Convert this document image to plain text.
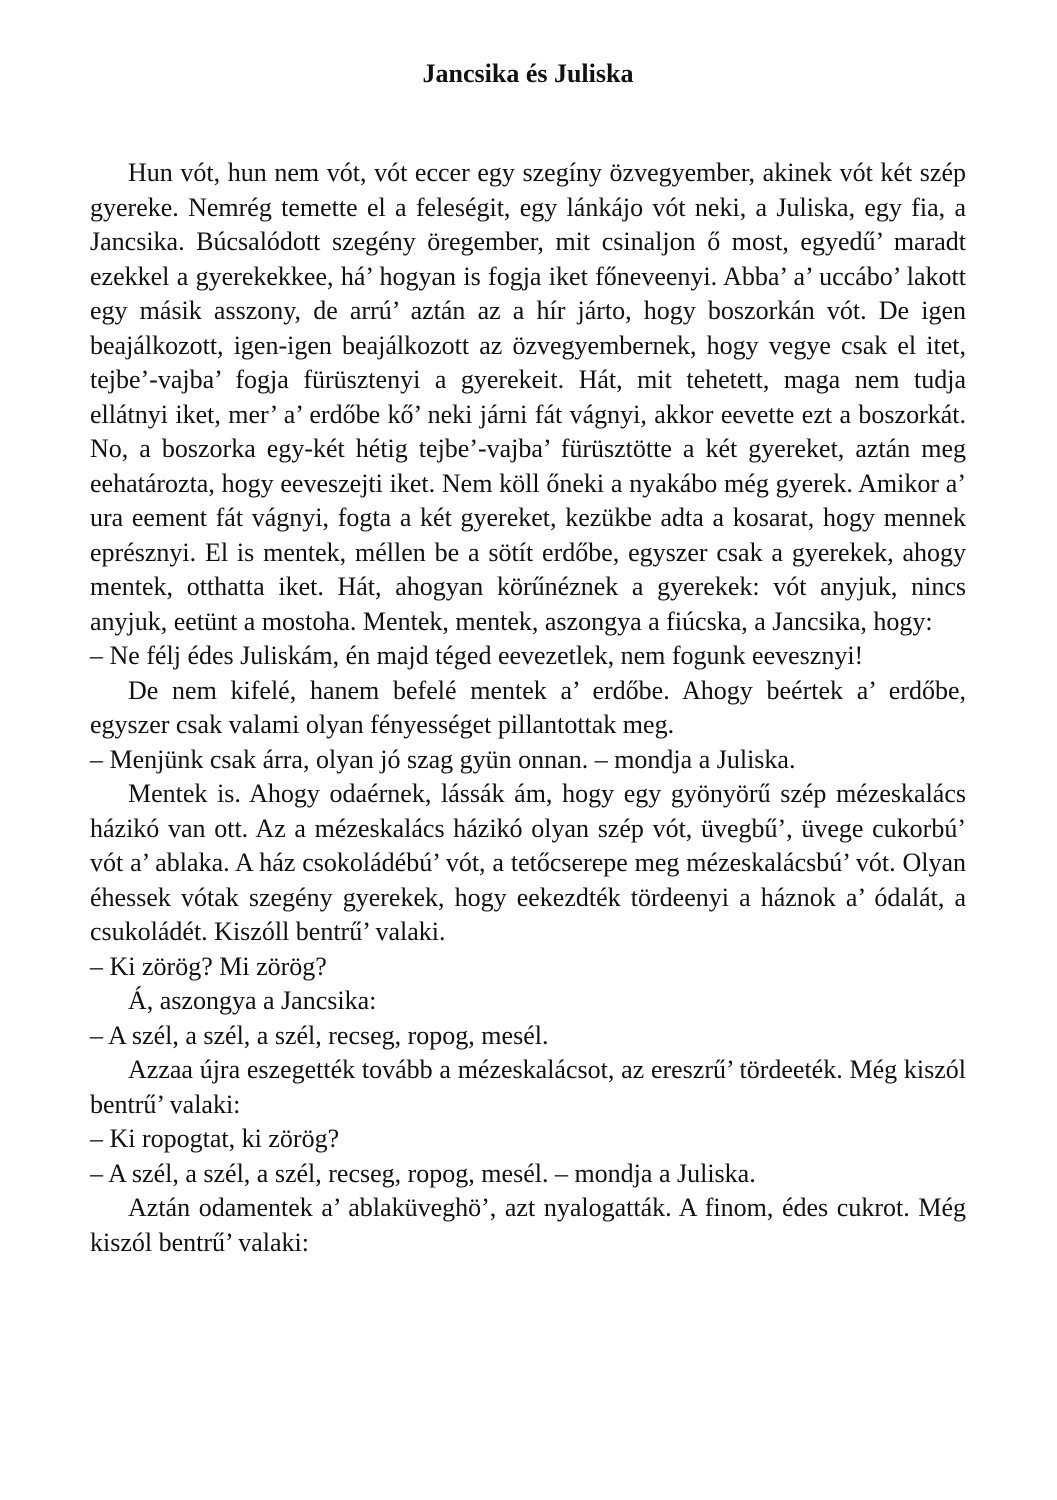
Jancsika és Juliska

Hun vót, hun nem vót, vót eccer egy szegíny özvegyember, akinek vót két szép gyereke. Nemrég temette el a feleségit, egy lánkájo vót neki, a Juliska, egy fia, a Jancsika. Búcsalódott szegény öregember, mit csinaljon ő most, egyedű’ maradt ezekkel a gyerekekkee, há’ hogyan is fogja iket főneveenyi. Abba’ a’ uccábo’ lakott egy másik asszony, de arrú’ aztán az a hír járto, hogy boszorkán vót. De igen beajálkozott, igen-igen beajálkozott az özvegyembernek, hogy vegye csak el itet, tejbe’-vajba’ fogja fürüsztenyi a gyerekeit. Hát, mit tehetett, maga nem tudja ellátnyi iket, mer’ a’ erdőbe kő’ neki járni fát vágnyi, akkor eevette ezt a boszorkát. No, a boszorka egy-két hétig tejbe’-vajba’ fürüsztötte a két gyereket, aztán meg eehatározta, hogy eeveszejti iket. Nem köll őneki a nyakábo még gyerek. Amikor a’ ura eement fát vágnyi, fogta a két gyereket, kezükbe adta a kosarat, hogy mennek eprésznyi. El is mentek, méllen be a sötít erdőbe, egyszer csak a gyerekek, ahogy mentek, otthatta iket. Hát, ahogyan körűnéznek a gyerekek: vót anyjuk, nincs anyjuk, eetünt a mostoha. Mentek, mentek, aszongya a fiúcska, a Jancsika, hogy:

– Ne félj édes Juliskám, én majd téged eevezetlek, nem fogunk eevesznyi!

De nem kifelé, hanem befelé mentek a’ erdőbe. Ahogy beértek a’ erdőbe, egyszer csak valami olyan fényességet pillantottak meg.

– Menjünk csak árra, olyan jó szag gyün onnan. – mondja a Juliska.

Mentek is. Ahogy odaérnek, lássák ám, hogy egy gyönyörű szép mézeskalács házikó van ott. Az a mézeskalács házikó olyan szép vót, üvegbű’, üvege cukorbú’ vót a’ ablaka. A ház csokoládébú’ vót, a tetőcserepe meg mézeskalácsbú’ vót. Olyan éhessek vótak szegény gyerekek, hogy eekezdték tördeenyi a háznok a’ ódalát, a csukoládét. Kiszóll bentrű’ valaki.

– Ki zörög? Mi zörög?

Á, aszongya a Jancsika:

– A szél, a szél, a szél, recseg, ropog, mesél.

Azzaa újra eszegették tovább a mézeskalácsot, az ereszrű’ tördeeték. Még kiszól bentrű’ valaki:

– Ki ropogtat, ki zörög?

– A szél, a szél, a szél, recseg, ropog, mesél. – mondja a Juliska.

Aztán odamentek a’ ablaküveghö’, azt nyalogatták. A finom, édes cukrot. Még kiszól bentrű’ valaki:
